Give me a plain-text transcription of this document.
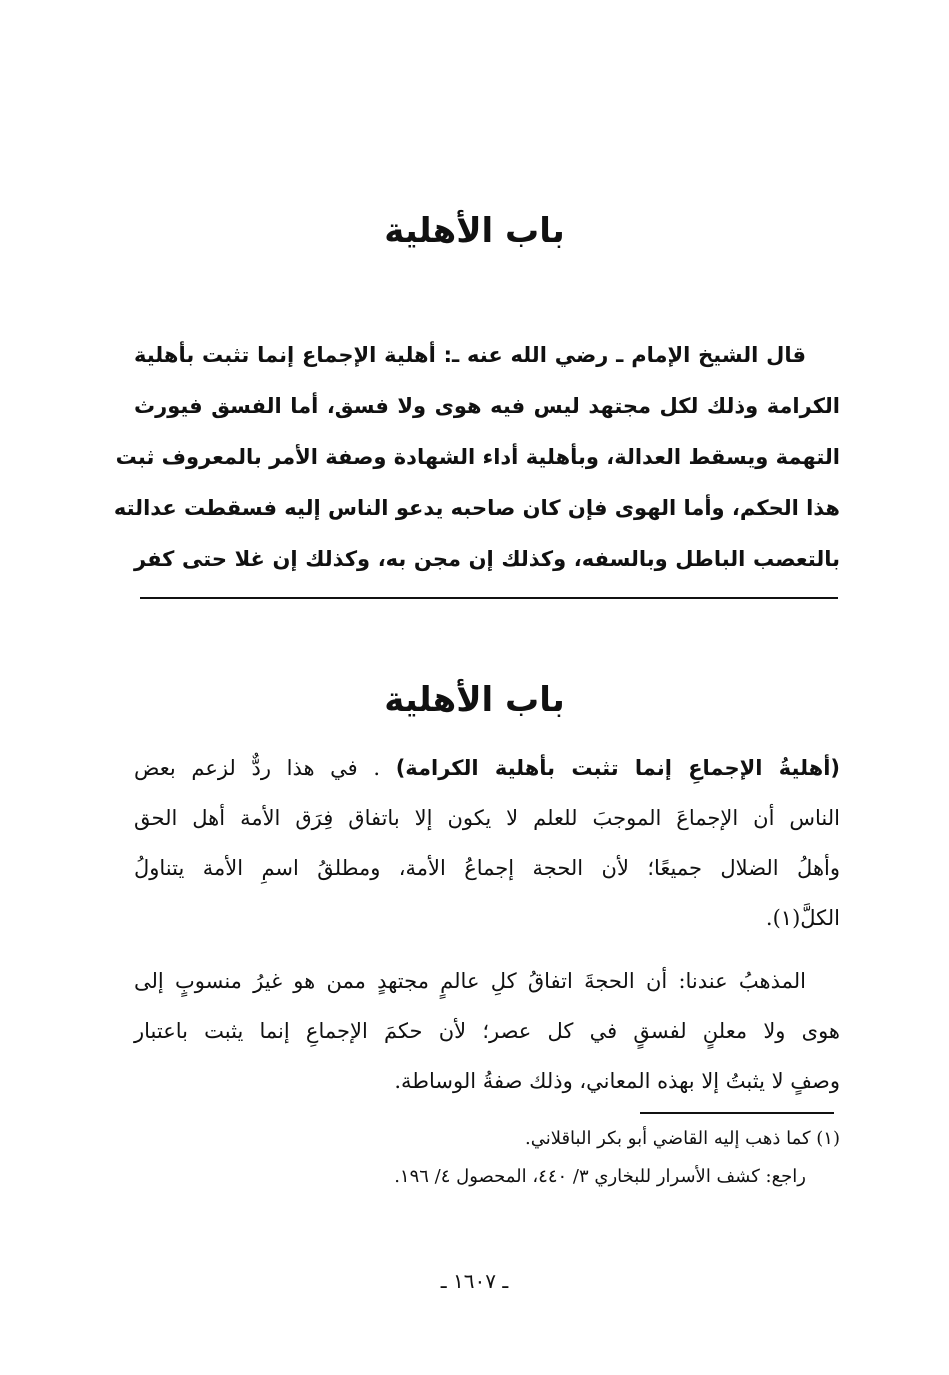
باب الأهلية
قال الشيخ الإمام ـ رضي الله عنه ـ: أهلية الإجماع إنما تثبت بأهلية
الكرامة وذلك لكل مجتهد ليس فيه هوى ولا فسق، أما الفسق فيورث
التهمة ويسقط العدالة، وبأهلية أداء الشهادة وصفة الأمر بالمعروف ثبت
هذا الحكم، وأما الهوى فإن كان صاحبه يدعو الناس إليه فسقطت عدالته
بالتعصب الباطل وبالسفه، وكذلك إن مجن به، وكذلك إن غلا حتى كفر
باب الأهلية
(أهليةُ الإجماعِ إنما تثبت بأهلية الكرامة) . في هذا ردٌّ لزعم بعض
الناس أن الإجماعَ الموجبَ للعلم لا يكون إلا باتفاق فِرَق الأمة أهل الحق
وأهلُ الضلال جميعًا؛ لأن الحجة إجماعُ الأمة، ومطلقُ اسمِ الأمة يتناولُ
الكلَّ(١).
المذهبُ عندنا: أن الحجةَ اتفاقُ كلِ عالمٍ مجتهدٍ ممن هو غيرُ منسوبٍ إلى
هوى ولا معلنٍ لفسقٍ في كل عصر؛ لأن حكمَ الإجماعِ إنما يثبت باعتبار
وصفٍ لا يثبتُ إلا بهذه المعاني، وذلك صفةُ الوساطة.

(١) كما ذهب إليه القاضي أبو بكر الباقلاني.

راجع: كشف الأسرار للبخاري ٣/ ٤٤٠، المحصول ٤/ ١٩٦.

ـ ١٦٠٧ ـ
